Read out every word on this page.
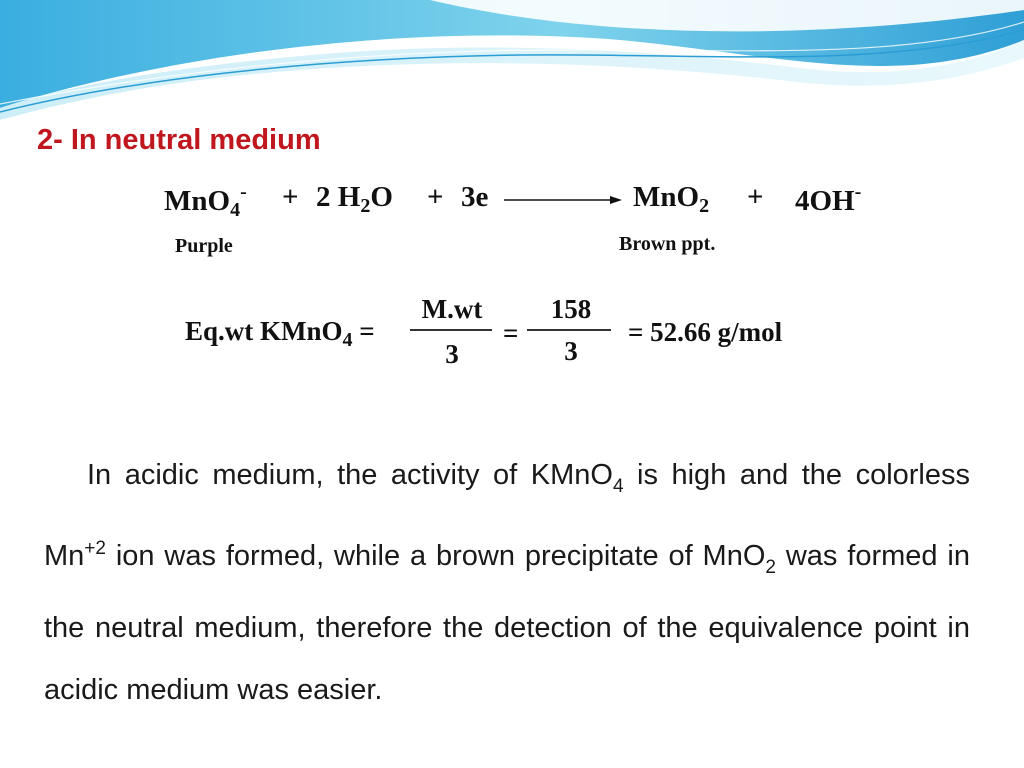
2- In neutral medium
MnO$_4$- + 2 $H_2O + 3e$	MnO$_2$ + 4OH-
Purple	Brown ppt.
Eq.wt KMnO$_4$ =
M.wt
3
=
158
3
= 52.66 g/mol
In acidic medium, the activity of KMnO$_4$ is high and the colorless $Mn^{+2}$ ion was formed, while a brown precipitate of MnO$_2$ was formed in the neutral medium, therefore the detection of the equivalence point in acidic medium was easier.
